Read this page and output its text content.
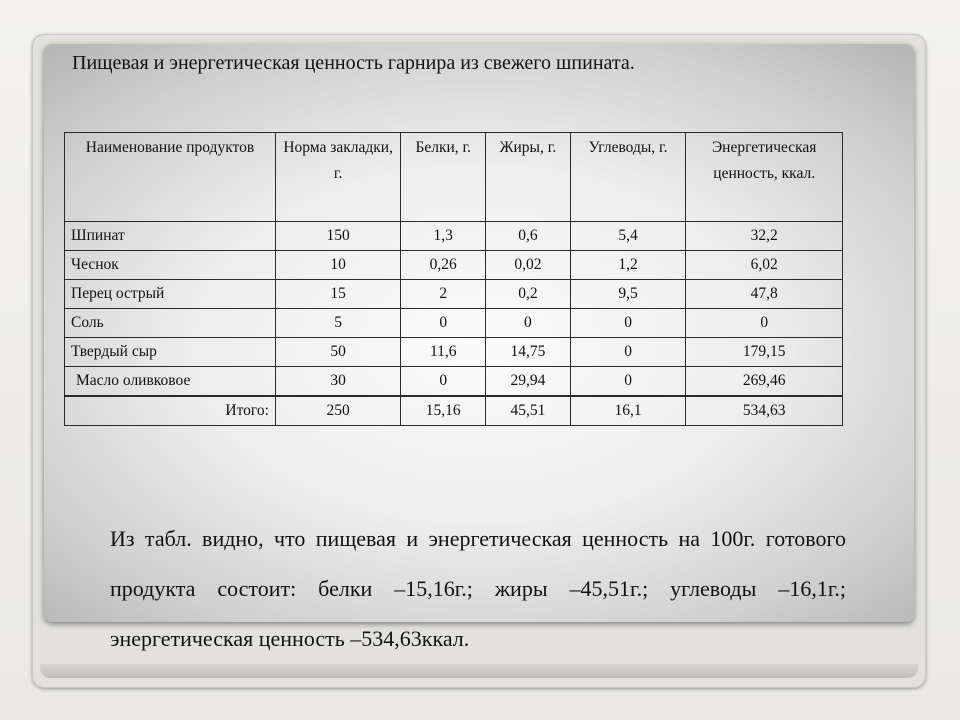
Пищевая и энергетическая ценность гарнира из свежего шпината.
Наименование продуктов	Норма закладки, г.	Белки, г.	Жиры, г.	Углеводы, г.	Энергетическая ценность, ккал.
Шпинат	150	1,3	0,6	5,4	32,2
Чеснок	10	0,26	0,02	1,2	6,02
Перец острый	15	2	0,2	9,5	47,8
Соль	5	0	0	0	0
Твердый сыр	50	11,6	14,75	0	179,15
Масло оливковое	30	0	29,94	0	269,46
Итого:	250	15,16	45,51	16,1	534,63
Из табл. видно, что пищевая и энергетическая ценность на 100г. готового продукта состоит: белки –15,16г.; жиры –45,51г.; углеводы –16,1г.; энергетическая ценность –534,63ккал.
